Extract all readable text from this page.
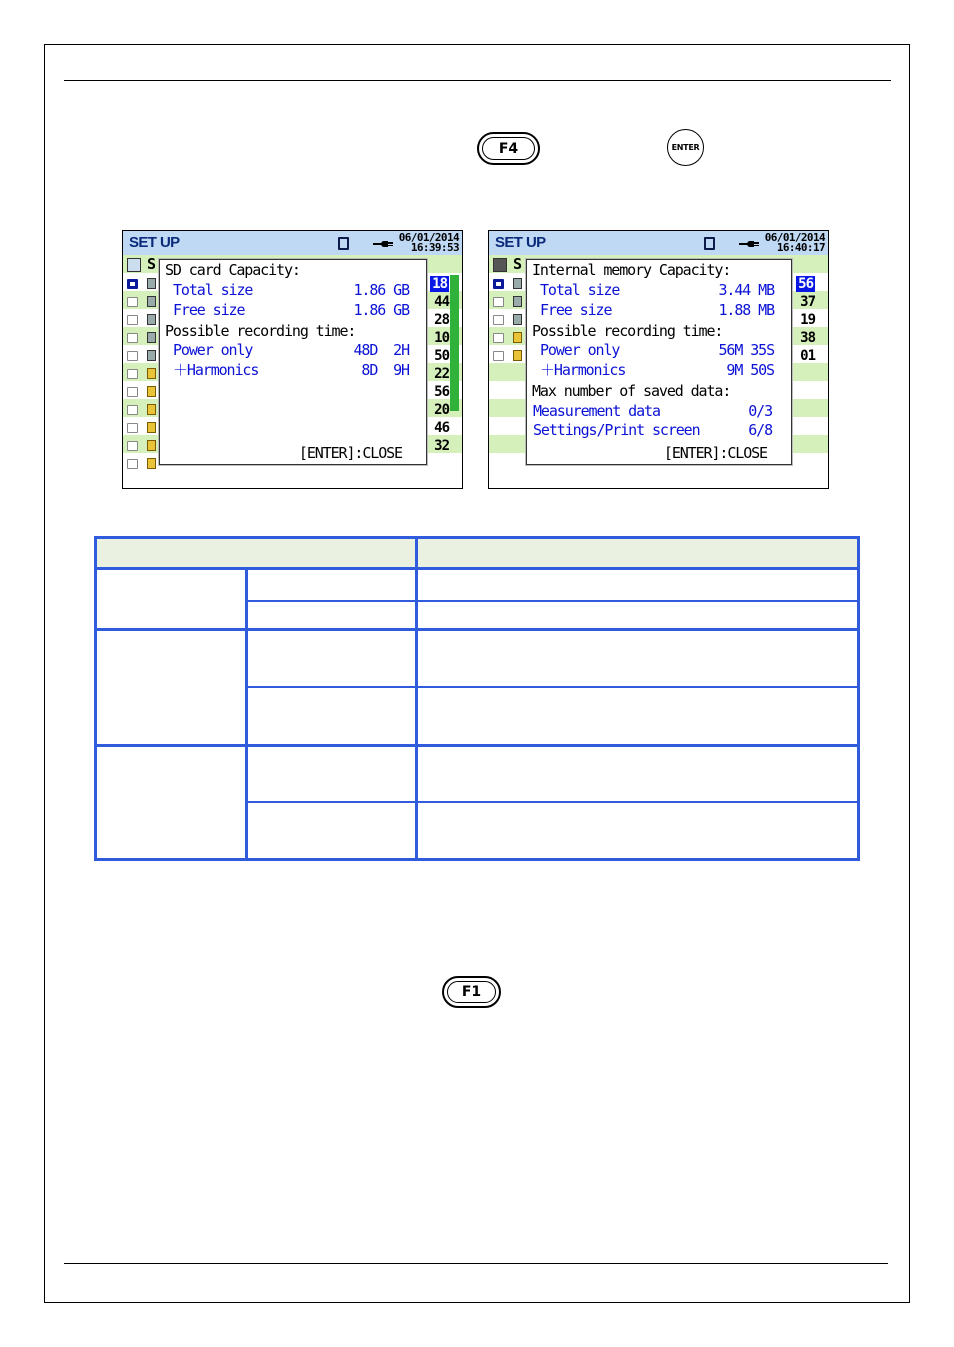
F4	ENTER
SET UP	06/01/2014
16:39:53
S
18
44
28
10
50
22
56
20
46
32
SD card Capacity:
Total size	1.86 GB
Free size	1.86 GB
Possible recording time:
Power only	48D  2H
＋Harmonics	8D  9H
[ENTER]:CLOSE
SET UP	06/01/2014
16:40:17
S
56
37
19
38
01
Internal memory Capacity:
Total size	3.44 MB
Free size	1.88 MB
Possible recording time:
Power only	56M 35S
＋Harmonics	9M 50S
Max number of saved data:
Measurement data	0/3
Settings/Print screen	6/8
[ENTER]:CLOSE
F1
